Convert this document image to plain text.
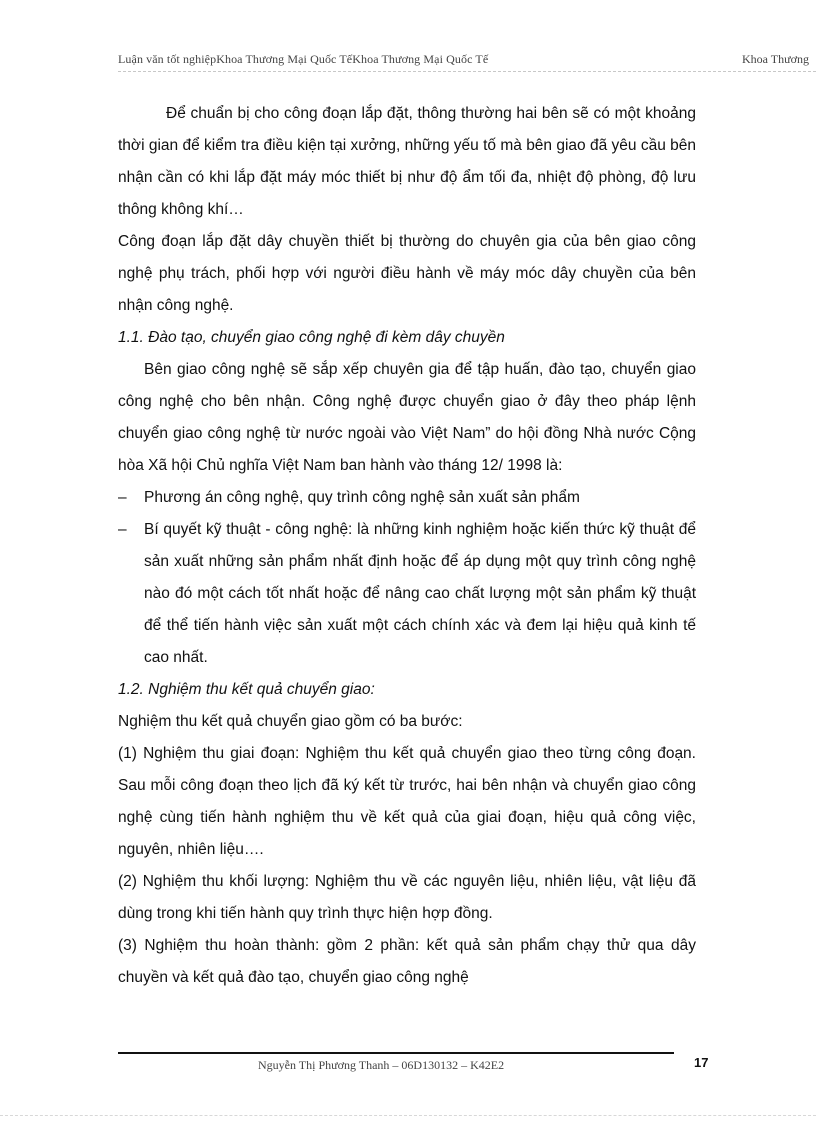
Luận văn tốt nghiệpKhoa Thương Mại Quốc TếKhoa Thương Mại Quốc Tế	Khoa Thương

Để chuẩn bị cho công đoạn lắp đặt, thông thường hai bên sẽ có một khoảng thời gian để kiểm tra điều kiện tại xưởng, những yếu tố mà bên giao đã yêu cầu bên nhận cần có khi lắp đặt máy móc thiết bị như độ ẩm tối đa, nhiệt độ phòng, độ lưu thông không khí…

Công đoạn lắp đặt dây chuyền thiết bị thường do chuyên gia của bên giao công nghệ phụ trách, phối hợp với người điều hành về máy móc dây chuyền của bên nhận công nghệ.

1.1. Đào tạo, chuyển giao công nghệ đi kèm dây chuyền

Bên giao công nghệ sẽ sắp xếp chuyên gia để tập huấn, đào tạo, chuyển giao công nghệ cho bên nhận. Công nghệ được chuyển giao ở đây theo pháp lệnh chuyển giao công nghệ từ nước ngoài vào Việt Nam” do hội đồng Nhà nước Cộng hòa Xã hội Chủ nghĩa Việt Nam ban hành vào tháng 12/ 1998 là:

–	Phương án công nghệ, quy trình công nghệ sản xuất sản phẩm
–	Bí quyết kỹ thuật - công nghệ: là những kinh nghiệm hoặc kiến thức kỹ thuật để sản xuất những sản phẩm nhất định hoặc để áp dụng một quy trình công nghệ nào đó một cách tốt nhất hoặc để nâng cao chất lượng một sản phẩm kỹ thuật để thể tiến hành việc sản xuất một cách chính xác và đem lại hiệu quả kinh tế cao nhất.

1.2. Nghiệm thu kết quả chuyển giao:

Nghiệm thu kết quả chuyển giao gồm có ba bước:

(1) Nghiệm thu giai đoạn: Nghiệm thu kết quả chuyển giao theo từng công đoạn. Sau mỗi công đoạn theo lịch đã ký kết từ trước, hai bên nhận và chuyển giao công nghệ cùng tiến hành nghiệm thu về kết quả của giai đoạn, hiệu quả công việc, nguyên, nhiên liệu….

(2) Nghiệm thu khối lượng: Nghiệm thu về các nguyên liệu, nhiên liệu, vật liệu đã dùng trong khi tiến hành quy trình thực hiện hợp đồng.

(3) Nghiệm thu hoàn thành: gồm 2 phần: kết quả sản phẩm chạy thử qua dây chuyền và kết quả đào tạo, chuyển giao công nghệ

Nguyễn Thị Phương Thanh – 06D130132 – K42E2	17
